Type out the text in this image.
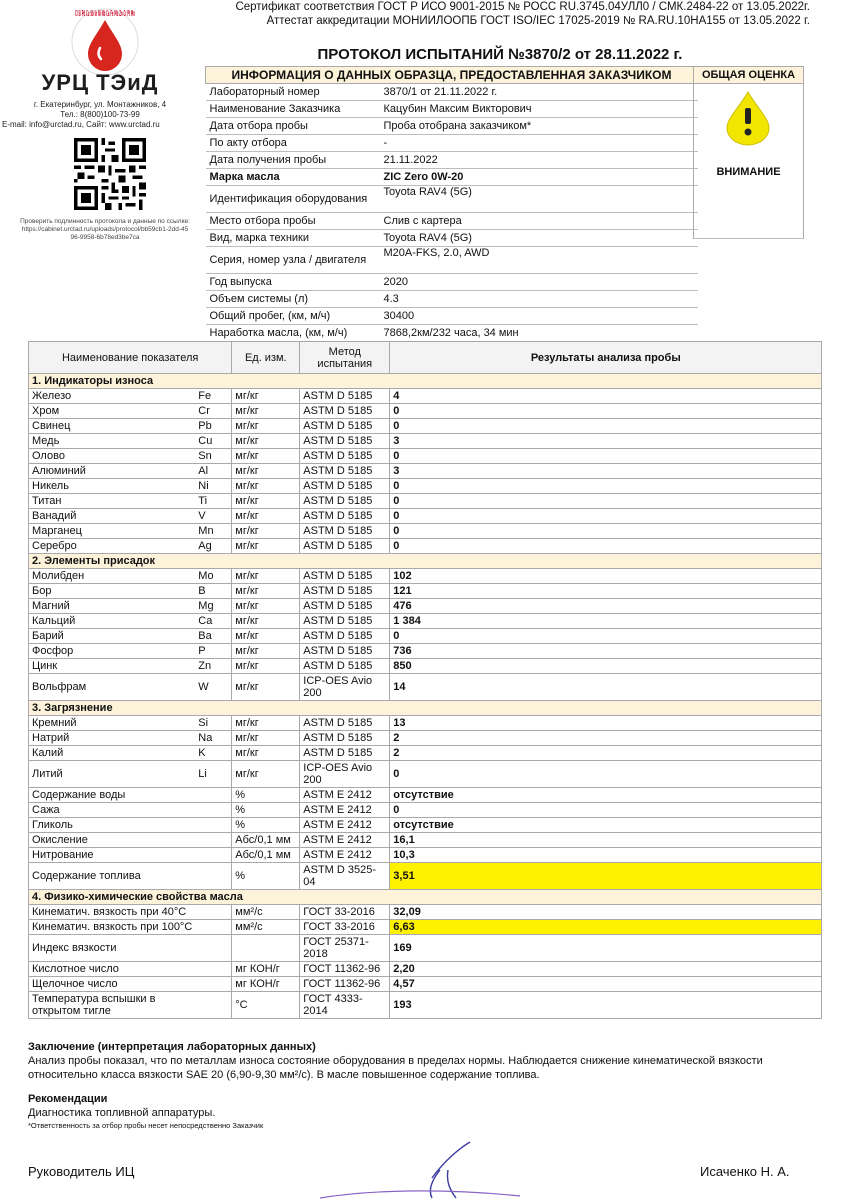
Сертификат соответствия ГОСТ Р ИСО 9001-2015 № РОСС RU.3745.04УЛЛ0 / СМК.2484-22 от 13.05.2022г.
Аттестат аккредитации МОНИИЛООПБ ГОСТ ISO/IEC 17025-2019 № RA.RU.10НА155 от 13.05.2022 г.
Cl Si Pd Cu Sb In Ni Nb Ca Fe Mo Zn Cr Pt Mn
УРЦ ТЭиД
г. Екатеринбург, ул. Монтажников, 4
Тел.: 8(800)100-73-99
E-mail: info@urctad.ru, Сайт: www.urctad.ru
Проверить подлинность протокола и данные по ссылке: https://cabinet.urctad.ru/uploads/protocol/bb59cb1-2dd-4596-9958-6b78ed3be7ca
ПРОТОКОЛ ИСПЫТАНИЙ №3870/2 от 28.11.2022 г.
ИНФОРМАЦИЯ О ДАННЫХ ОБРАЗЦА, ПРЕДОСТАВЛЕННАЯ ЗАКАЗЧИКОМ	
Лабораторный номер	3870/1 от 21.11.2022 г.
Наименование Заказчика	Кацубин Максим Викторович
Дата отбора пробы	Проба отобрана заказчиком*
По акту отбора	-
Дата получения пробы	21.11.2022
Марка масла	ZIC Zero 0W-20
Идентификация оборудования	Toyota RAV4 (5G)
Место отбора пробы	Слив с картера
Вид, марка техники	Toyota RAV4 (5G)
Серия, номер узла / двигателя	M20A-FKS, 2.0, AWD
Год выпуска	2020
Объем системы (л)	4.3
Общий пробег, (км, м/ч)	30400
Наработка масла, (км, м/ч)	7868,2км/232 часа, 34 мин
ОБЩАЯ ОЦЕНКА
ВНИМАНИЕ
Наименование показателя		Ед. изм.	Метод испытания	Результаты анализа пробы
1. Индикаторы износа				
Железо	Fe	мг/кг	ASTM D 5185	4
Хром	Cr	мг/кг	ASTM D 5185	0
Свинец	Pb	мг/кг	ASTM D 5185	0
Медь	Cu	мг/кг	ASTM D 5185	3
Олово	Sn	мг/кг	ASTM D 5185	0
Алюминий	Al	мг/кг	ASTM D 5185	3
Никель	Ni	мг/кг	ASTM D 5185	0
Титан	Ti	мг/кг	ASTM D 5185	0
Ванадий	V	мг/кг	ASTM D 5185	0
Марганец	Mn	мг/кг	ASTM D 5185	0
Серебро	Ag	мг/кг	ASTM D 5185	0
2. Элементы присадок				
Молибден	Mo	мг/кг	ASTM D 5185	102
Бор	B	мг/кг	ASTM D 5185	121
Магний	Mg	мг/кг	ASTM D 5185	476
Кальций	Ca	мг/кг	ASTM D 5185	1 384
Барий	Ba	мг/кг	ASTM D 5185	0
Фосфор	P	мг/кг	ASTM D 5185	736
Цинк	Zn	мг/кг	ASTM D 5185	850
Вольфрам	W	мг/кг	ICP-OES Avio 200	14
3. Загрязнение				
Кремний	Si	мг/кг	ASTM D 5185	13
Натрий	Na	мг/кг	ASTM D 5185	2
Калий	K	мг/кг	ASTM D 5185	2
Литий	Li	мг/кг	ICP-OES Avio 200	0
Содержание воды		%	ASTM E 2412	отсутствие
Сажа		%	ASTM E 2412	0
Гликоль		%	ASTM E 2412	отсутствие
Окисление		Абс/0,1 мм	ASTM E 2412	16,1
Нитрование		Абс/0,1 мм	ASTM E 2412	10,3
Содержание топлива		%	ASTM D 3525-04	3,51
4. Физико-химические свойства масла				
Кинематич. вязкость при 40°C		мм²/с	ГОСТ 33-2016	32,09
Кинематич. вязкость при 100°C		мм²/с	ГОСТ 33-2016	6,63
Индекс вязкости			ГОСТ 25371-2018	169
Кислотное число		мг КОН/г	ГОСТ 11362-96	2,20
Щелочное число		мг КОН/г	ГОСТ 11362-96	4,57
Температура вспышки в открытом тигле		°С	ГОСТ 4333-2014	193
Заключение (интерпретация лабораторных данных)
Анализ пробы показал, что по металлам износа состояние оборудования в пределах нормы. Наблюдается снижение кинематической вязкости относительно класса вязкости SAE 20 (6,90-9,30 мм²/с). В масле повышенное содержание топлива.
Рекомендации
Диагностика топливной аппаратуры.
*Ответственность за отбор пробы несет непосредственно Заказчик
Руководитель ИЦ	Исаченко Н. А.
